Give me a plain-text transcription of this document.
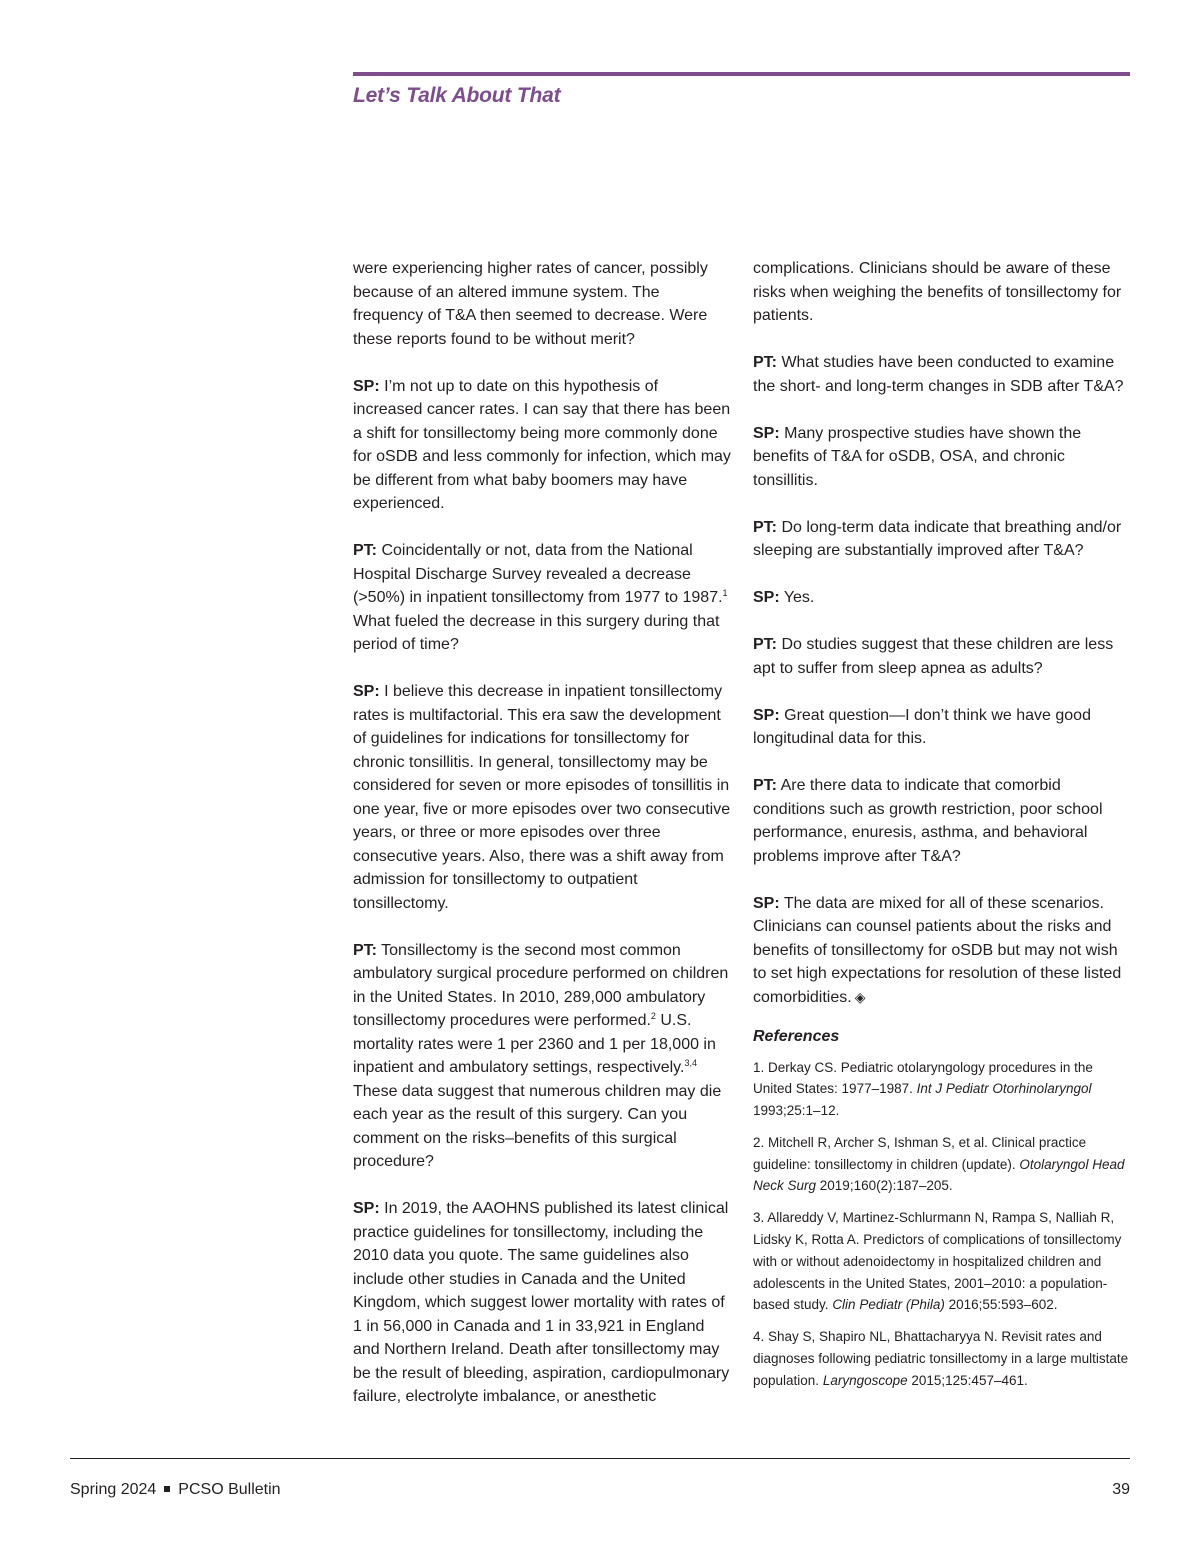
Let’s Talk About That

were experiencing higher rates of cancer, possibly because of an altered immune system. The frequency of T&A then seemed to decrease. Were these reports found to be without merit?

SP: I’m not up to date on this hypothesis of increased cancer rates. I can say that there has been a shift for tonsillectomy being more commonly done for oSDB and less commonly for infection, which may be different from what baby boomers may have experienced.

PT: Coincidentally or not, data from the National Hospital Discharge Survey revealed a decrease (>50%) in inpatient tonsillectomy from 1977 to 1987.$^1$ What fueled the decrease in this surgery during that period of time?

SP: I believe this decrease in inpatient tonsillectomy rates is multifactorial. This era saw the development of guidelines for indications for tonsillectomy for chronic tonsillitis. In general, tonsillectomy may be considered for seven or more episodes of tonsillitis in one year, five or more episodes over two consecutive years, or three or more episodes over three consecutive years. Also, there was a shift away from admission for tonsillectomy to outpatient tonsillectomy.

PT: Tonsillectomy is the second most common ambulatory surgical procedure performed on children in the United States. In 2010, 289,000 ambulatory tonsillectomy procedures were performed.$^2$ U.S. mortality rates were 1 per 2360 and 1 per 18,000 in inpatient and ambulatory settings, respectively.$^{3,4}$ These data suggest that numerous children may die each year as the result of this surgery. Can you comment on the risks–benefits of this surgical procedure?

SP: In 2019, the AAOHNS published its latest clinical practice guidelines for tonsillectomy, including the 2010 data you quote. The same guidelines also include other studies in Canada and the United Kingdom, which suggest lower mortality with rates of 1 in 56,000 in Canada and 1 in 33,921 in England and Northern Ireland. Death after tonsillectomy may be the result of bleeding, aspiration, cardiopulmonary failure, electrolyte imbalance, or anesthetic

complications. Clinicians should be aware of these risks when weighing the benefits of tonsillectomy for patients.

PT: What studies have been conducted to examine the short- and long-term changes in SDB after T&A?

SP: Many prospective studies have shown the benefits of T&A for oSDB, OSA, and chronic tonsillitis.

PT: Do long-term data indicate that breathing and/or sleeping are substantially improved after T&A?

SP: Yes.

PT: Do studies suggest that these children are less apt to suffer from sleep apnea as adults?

SP: Great question—I don’t think we have good longitudinal data for this.

PT: Are there data to indicate that comorbid conditions such as growth restriction, poor school performance, enuresis, asthma, and behavioral problems improve after T&A?

SP: The data are mixed for all of these scenarios. Clinicians can counsel patients about the risks and benefits of tonsillectomy for oSDB but may not wish to set high expectations for resolution of these listed comorbidities. ◈

References
1. Derkay CS. Pediatric otolaryngology procedures in the United States: 1977–1987. Int J Pediatr Otorhinolaryngol 1993;25:1–12.
2. Mitchell R, Archer S, Ishman S, et al. Clinical practice guideline: tonsillectomy in children (update). Otolaryngol Head Neck Surg 2019;160(2):187–205.
3. Allareddy V, Martinez-Schlurmann N, Rampa S, Nalliah R, Lidsky K, Rotta A. Predictors of complications of tonsillectomy with or without adenoidectomy in hospitalized children and adolescents in the United States, 2001–2010: a population-based study. Clin Pediatr (Phila) 2016;55:593–602.
4. Shay S, Shapiro NL, Bhattacharyya N. Revisit rates and diagnoses following pediatric tonsillectomy in a large multistate population. Laryngoscope 2015;125:457–461.
Spring 2024 PCSO Bulletin	39
